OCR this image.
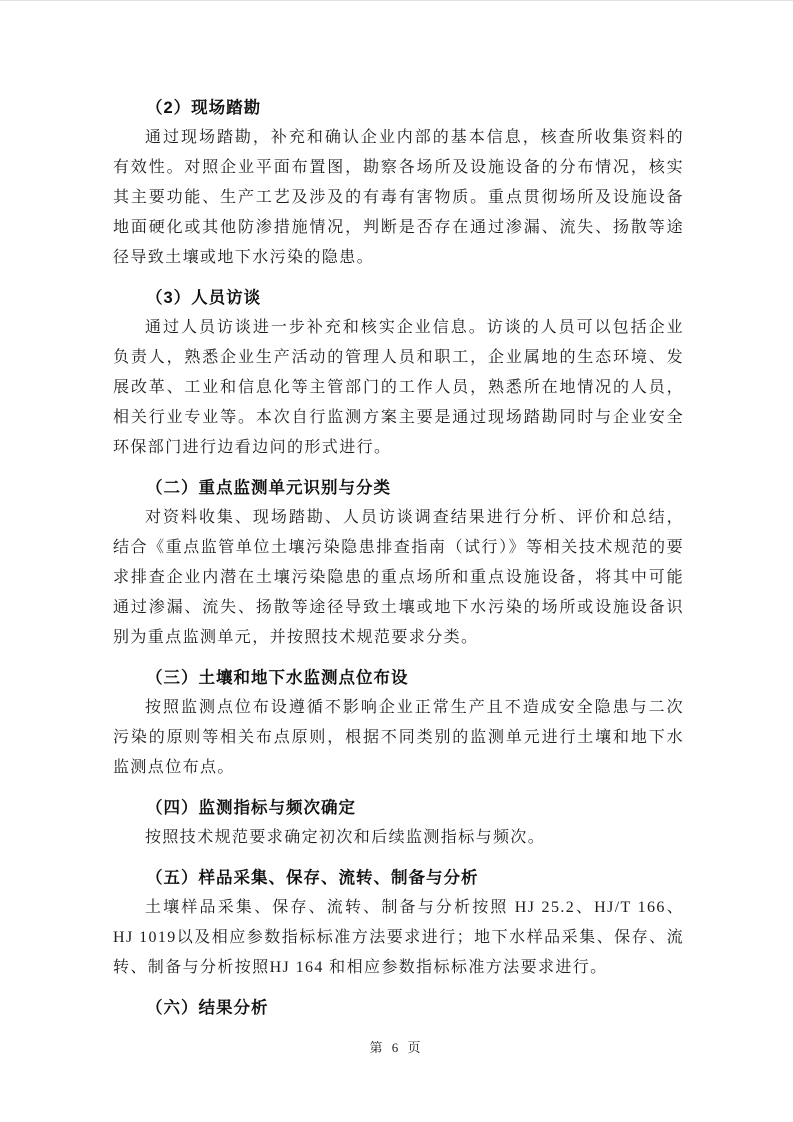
（2）现场踏勘

通过现场踏勘，补充和确认企业内部的基本信息，核查所收集资料的有效性。对照企业平面布置图，勘察各场所及设施设备的分布情况，核实其主要功能、生产工艺及涉及的有毒有害物质。重点贯彻场所及设施设备地面硬化或其他防渗措施情况，判断是否存在通过渗漏、流失、扬散等途径导致土壤或地下水污染的隐患。

（3）人员访谈

通过人员访谈进一步补充和核实企业信息。访谈的人员可以包括企业负责人，熟悉企业生产活动的管理人员和职工，企业属地的生态环境、发展改革、工业和信息化等主管部门的工作人员，熟悉所在地情况的人员，相关行业专业等。本次自行监测方案主要是通过现场踏勘同时与企业安全环保部门进行边看边问的形式进行。

（二）重点监测单元识别与分类

对资料收集、现场踏勘、人员访谈调查结果进行分析、评价和总结，结合《重点监管单位土壤污染隐患排查指南（试行）》等相关技术规范的要求排查企业内潜在土壤污染隐患的重点场所和重点设施设备，将其中可能通过渗漏、流失、扬散等途径导致土壤或地下水污染的场所或设施设备识别为重点监测单元，并按照技术规范要求分类。

（三）土壤和地下水监测点位布设

按照监测点位布设遵循不影响企业正常生产且不造成安全隐患与二次污染的原则等相关布点原则，根据不同类别的监测单元进行土壤和地下水监测点位布点。

（四）监测指标与频次确定

按照技术规范要求确定初次和后续监测指标与频次。

（五）样品采集、保存、流转、制备与分析

土壤样品采集、保存、流转、制备与分析按照 HJ 25.2、HJ/T 166、HJ 1019以及相应参数指标标准方法要求进行；地下水样品采集、保存、流转、制备与分析按照HJ 164 和相应参数指标标准方法要求进行。

（六）结果分析
第 6 页
